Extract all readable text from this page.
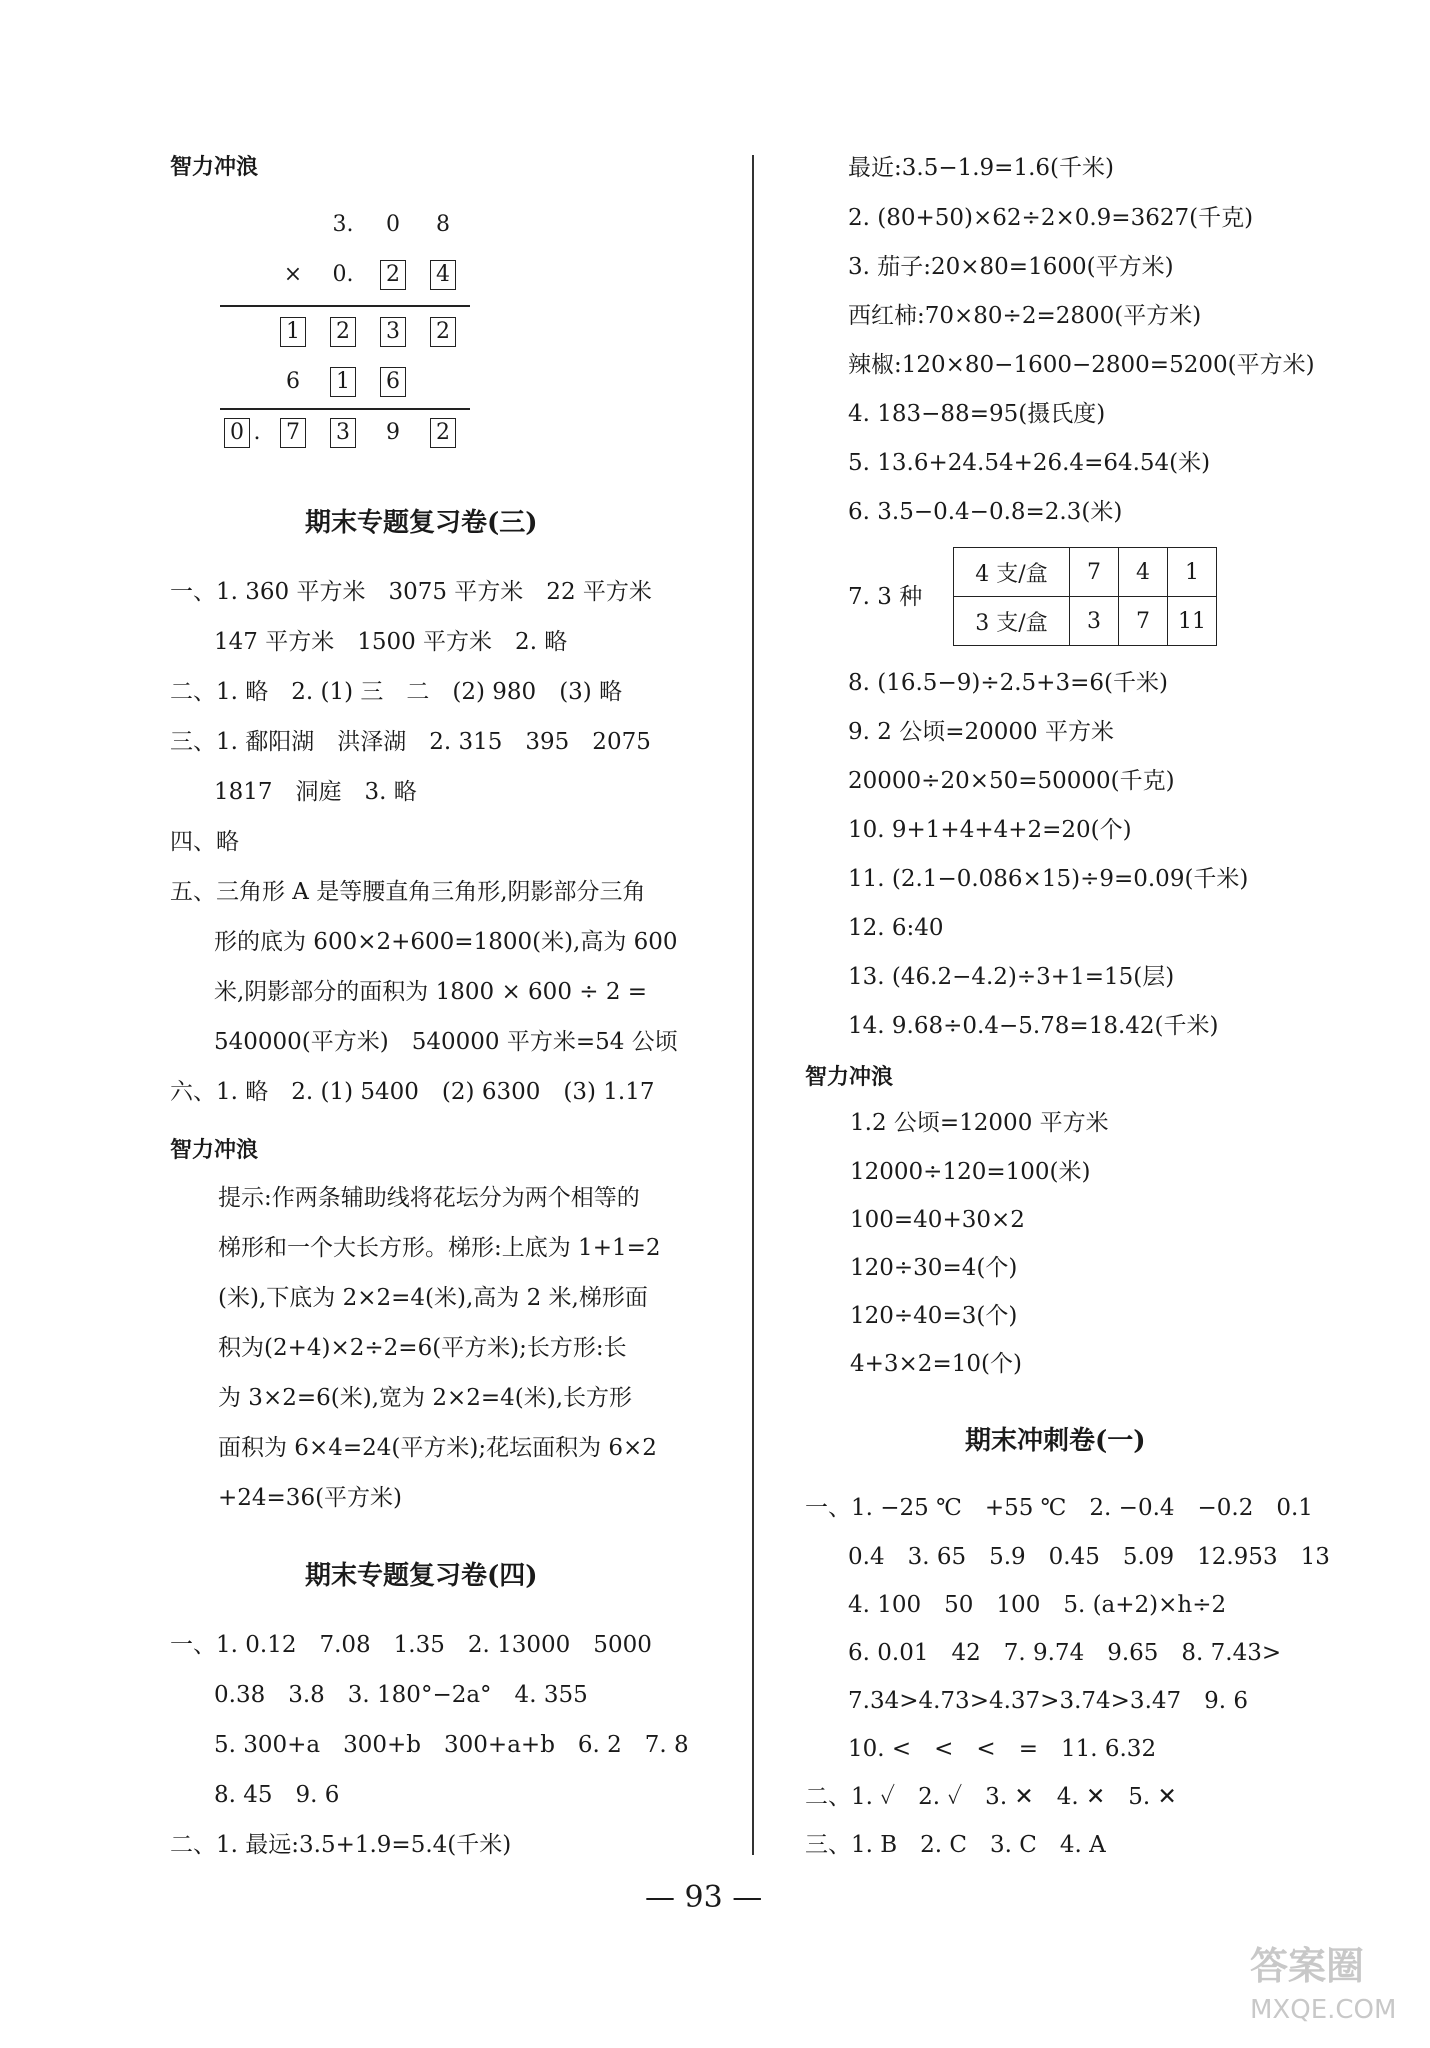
智力冲浪
3. 0 8
× 0. 2 4
1 2 3 2
6 1 6
0 . 7 3 9 2
期末专题复习卷(三)
一、1. 360 平方米　3075 平方米　22 平方米
147 平方米　1500 平方米　2. 略
二、1. 略　2. (1) 三　二　(2) 980　(3) 略
三、1. 鄱阳湖　洪泽湖　2. 315　395　2075
1817　洞庭　3. 略
四、略
五、三角形 A 是等腰直角三角形,阴影部分三角
形的底为 600×2+600=1800(米),高为 600
米,阴影部分的面积为 1800 × 600 ÷ 2 =
540000(平方米)　540000 平方米=54 公顷
六、1. 略　2. (1) 5400　(2) 6300　(3) 1.17
智力冲浪
提示:作两条辅助线将花坛分为两个相等的
梯形和一个大长方形。梯形:上底为 1+1=2
(米),下底为 2×2=4(米),高为 2 米,梯形面
积为(2+4)×2÷2=6(平方米);长方形:长
为 3×2=6(米),宽为 2×2=4(米),长方形
面积为 6×4=24(平方米);花坛面积为 6×2
+24=36(平方米)
期末专题复习卷(四)
一、1. 0.12　7.08　1.35　2. 13000　5000
0.38　3.8　3. 180°−2a°　4. 355
5. 300+a　300+b　300+a+b　6. 2　7. 8
8. 45　9. 6
二、1. 最远:3.5+1.9=5.4(千米)
最近:3.5−1.9=1.6(千米)
2. (80+50)×62÷2×0.9=3627(千克)
3. 茄子:20×80=1600(平方米)
西红柿:70×80÷2=2800(平方米)
辣椒:120×80−1600−2800=5200(平方米)
4. 183−88=95(摄氏度)
5. 13.6+24.54+26.4=64.54(米)
6. 3.5−0.4−0.8=2.3(米)
7. 3 种
4 支/盒	7	4	1
3 支/盒	3	7	11
8. (16.5−9)÷2.5+3=6(千米)
9. 2 公顷=20000 平方米
20000÷20×50=50000(千克)
10. 9+1+4+4+2=20(个)
11. (2.1−0.086×15)÷9=0.09(千米)
12. 6:40
13. (46.2−4.2)÷3+1=15(层)
14. 9.68÷0.4−5.78=18.42(千米)
智力冲浪
1.2 公顷=12000 平方米
12000÷120=100(米)
100=40+30×2
120÷30=4(个)
120÷40=3(个)
4+3×2=10(个)
期末冲刺卷(一)
一、1. −25 ℃　+55 ℃　2. −0.4　−0.2　0.1
0.4　3. 65　5.9　0.45　5.09　12.953　13
4. 100　50　100　5. (a+2)×h÷2
6. 0.01　42　7. 9.74　9.65　8. 7.43>
7.34>4.73>4.37>3.74>3.47　9. 6
10. <　<　<　=　11. 6.32
二、1. ✓　2. ✓　3. ✕　4. ✕　5. ✕
三、1. B　2. C　3. C　4. A
— 93 —
答案圈
MXQE.COM
